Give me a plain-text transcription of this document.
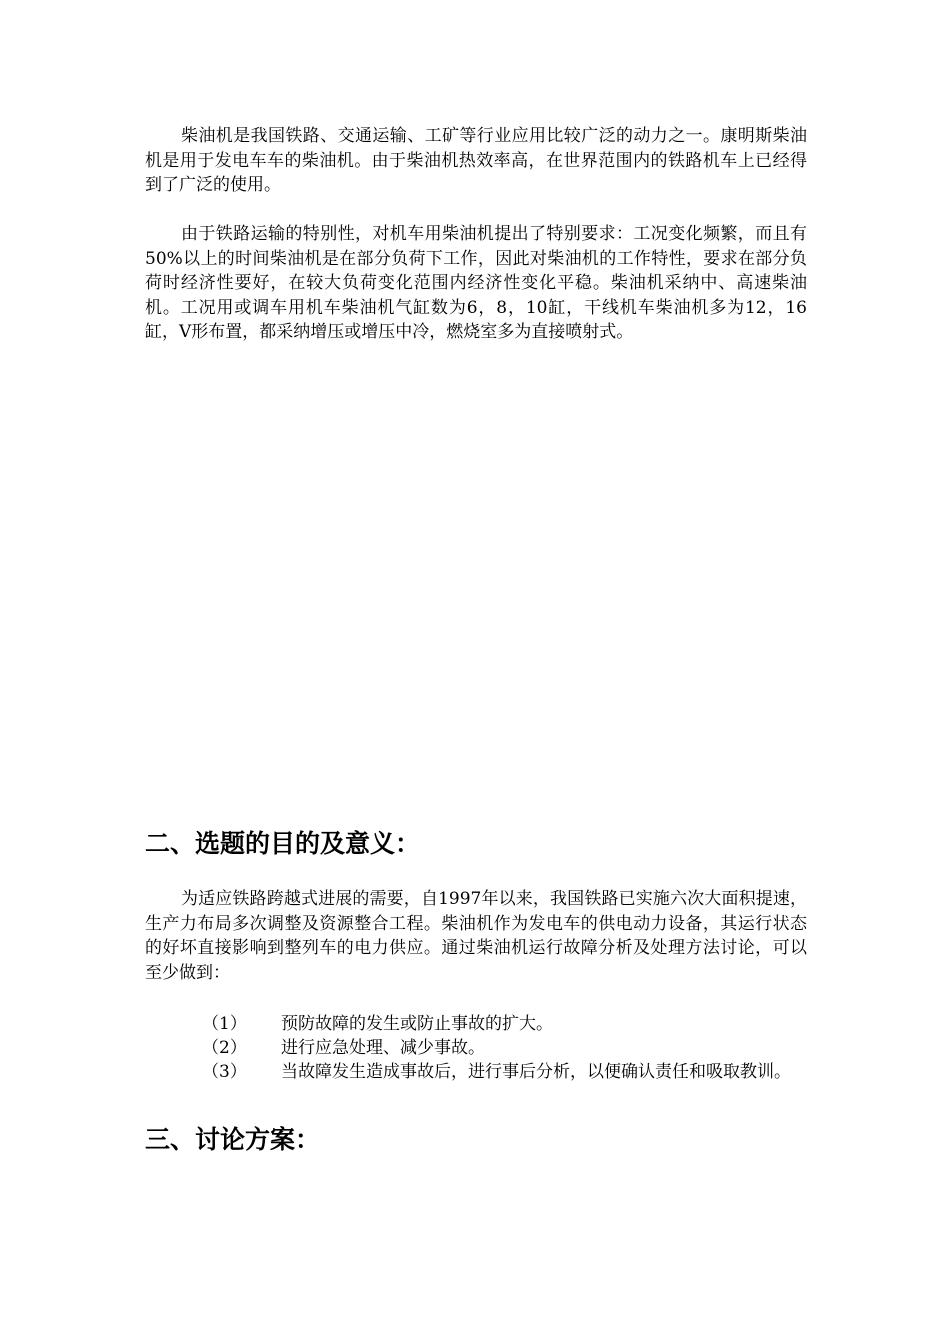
柴油机是我国铁路、交通运输、工矿等行业应用比较广泛的动力之一。康明斯柴油机是用于发电车车的柴油机。由于柴油机热效率高，在世界范围内的铁路机车上已经得到了广泛的使用。

由于铁路运输的特别性，对机车用柴油机提出了特别要求：工况变化频繁，而且有50%以上的时间柴油机是在部分负荷下工作，因此对柴油机的工作特性，要求在部分负荷时经济性要好，在较大负荷变化范围内经济性变化平稳。柴油机采纳中、高速柴油机。工况用或调车用机车柴油机气缸数为6，8，10缸，干线机车柴油机多为12，16缸，V形布置，都采纳增压或增压中冷，燃烧室多为直接喷射式。

二、选题的目的及意义：

为适应铁路跨越式进展的需要，自1997年以来，我国铁路已实施六次大面积提速，生产力布局多次调整及资源整合工程。柴油机作为发电车的供电动力设备，其运行状态的好坏直接影响到整列车的电力供应。通过柴油机运行故障分析及处理方法讨论，可以至少做到：

（1）	预防故障的发生或防止事故的扩大。
（2）	进行应急处理、减少事故。
（3）	当故障发生造成事故后，进行事后分析，以便确认责任和吸取教训。
三、讨论方案：
